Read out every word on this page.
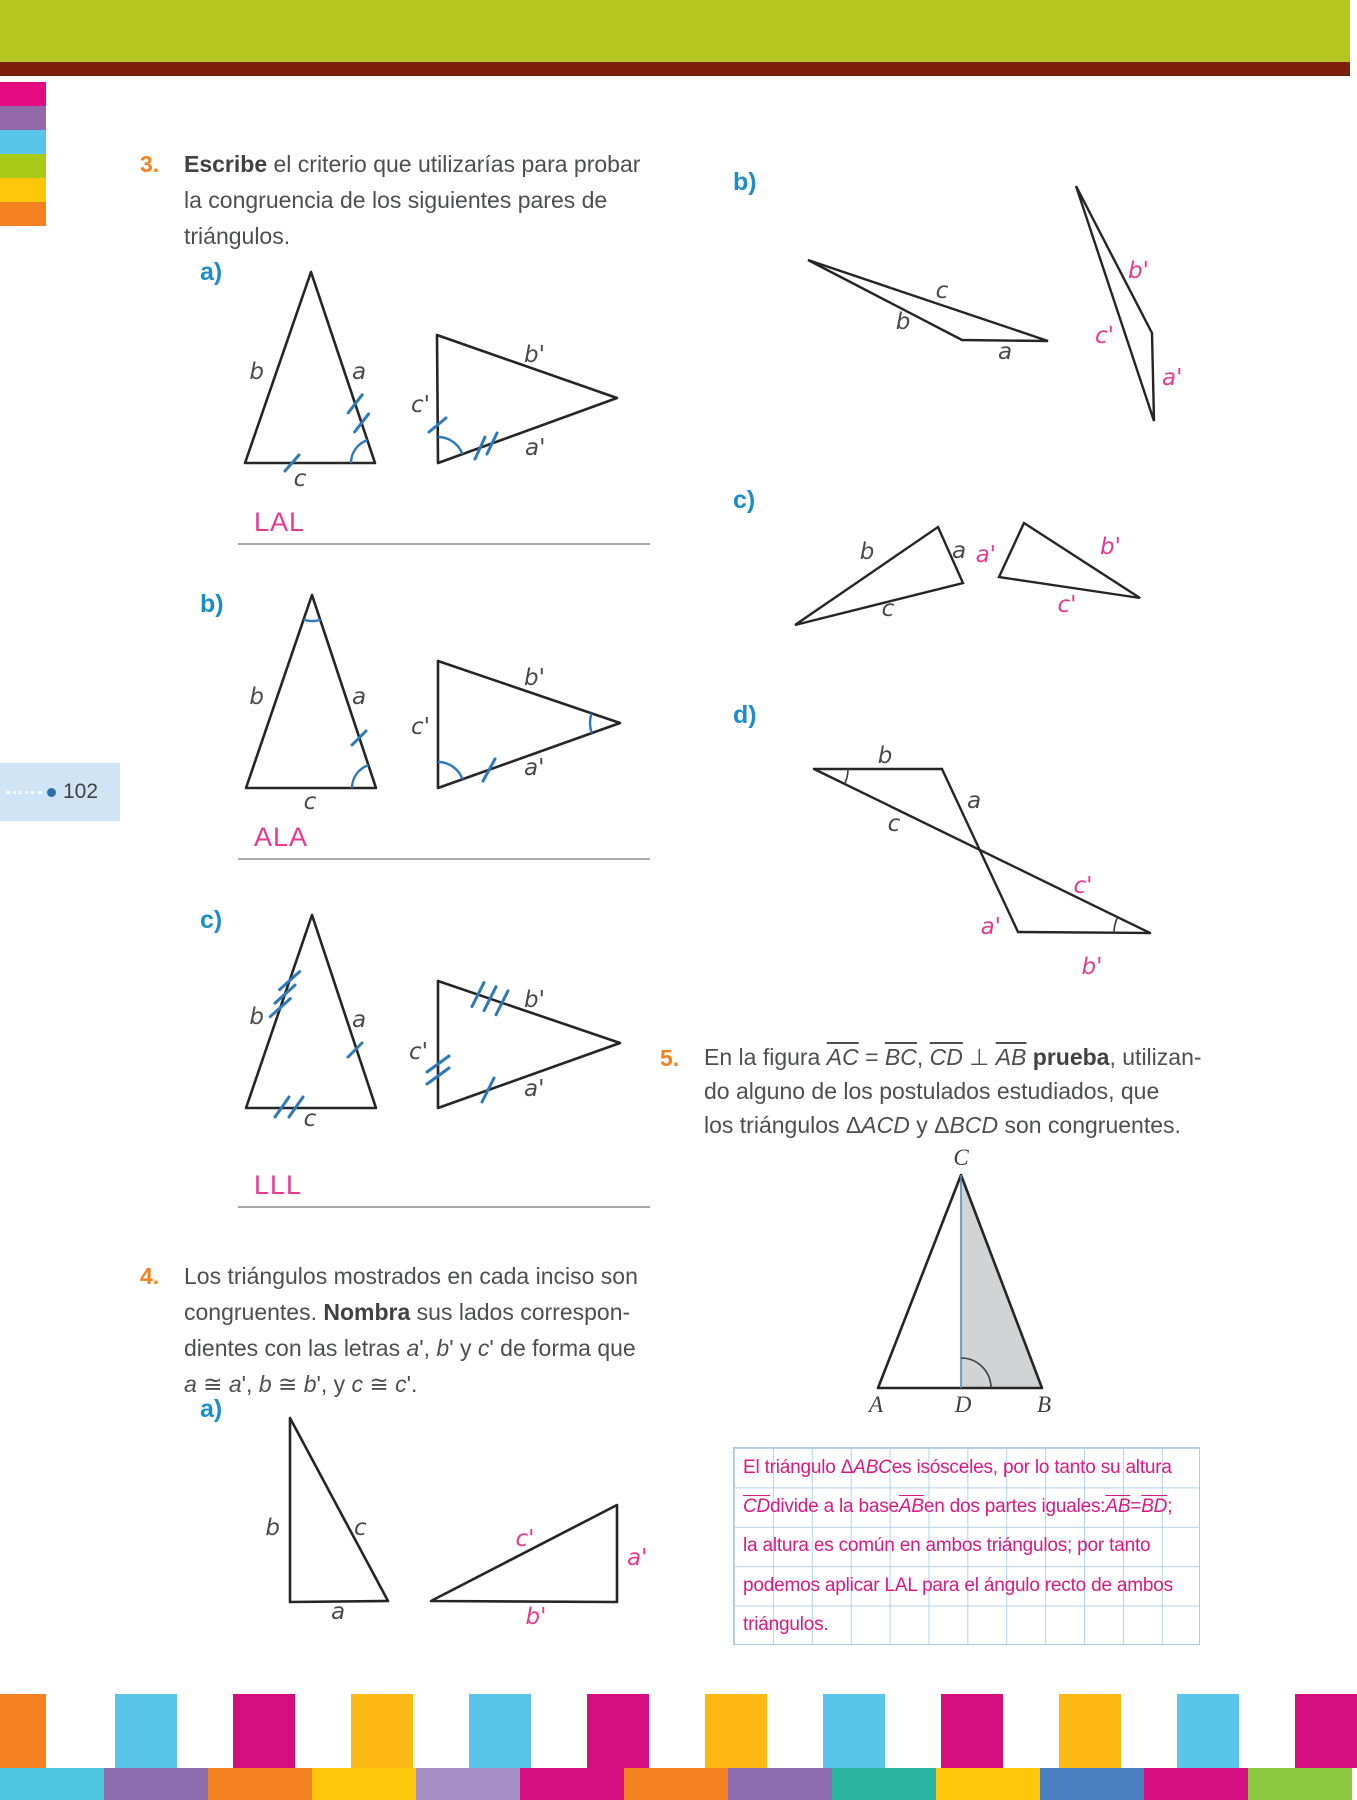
102
3.	Escribe el criterio que utilizarías para probar
la congruencia de los siguientes pares de
triángulos.
a)
b	a
c
b'
c'
a'
LAL
b)
b	a
c
b'
c'
a'
ALA
c)
b	a
c
b'
c'
a'
LLL
4.	Los triángulos mostrados en cada inciso son
congruentes. Nombra sus lados correspon-
dientes con las letras a', b' y c' de forma que
a ≅ a', b ≅ b', y c ≅ c'.
a)
b	c
a
c'
a'
b'
b)
c
b
a
b'
c'
a'
c)
b	a
c
a'	b'
c'
d)
b
a
c
c'
a'
b'
5.	En la figura $\overline{AC} = \overline{BC}$, $\overline{CD}$ ⊥ $\overline{AB}$ prueba, utilizan-
do alguno de los postulados estudiados, que
los triángulos ΔACD y ΔBCD son congruentes.
C
A	D	B
El triángulo Δ ABC es isósceles, por lo tanto su altura
$\overline{CD}$ divide a la base $\overline{AB}$ en dos partes iguales: $\overline{AB} = \overline{BD}$ ;
la altura es común en ambos triángulos; por tanto
podemos aplicar LAL para el ángulo recto de ambos
triángulos.
